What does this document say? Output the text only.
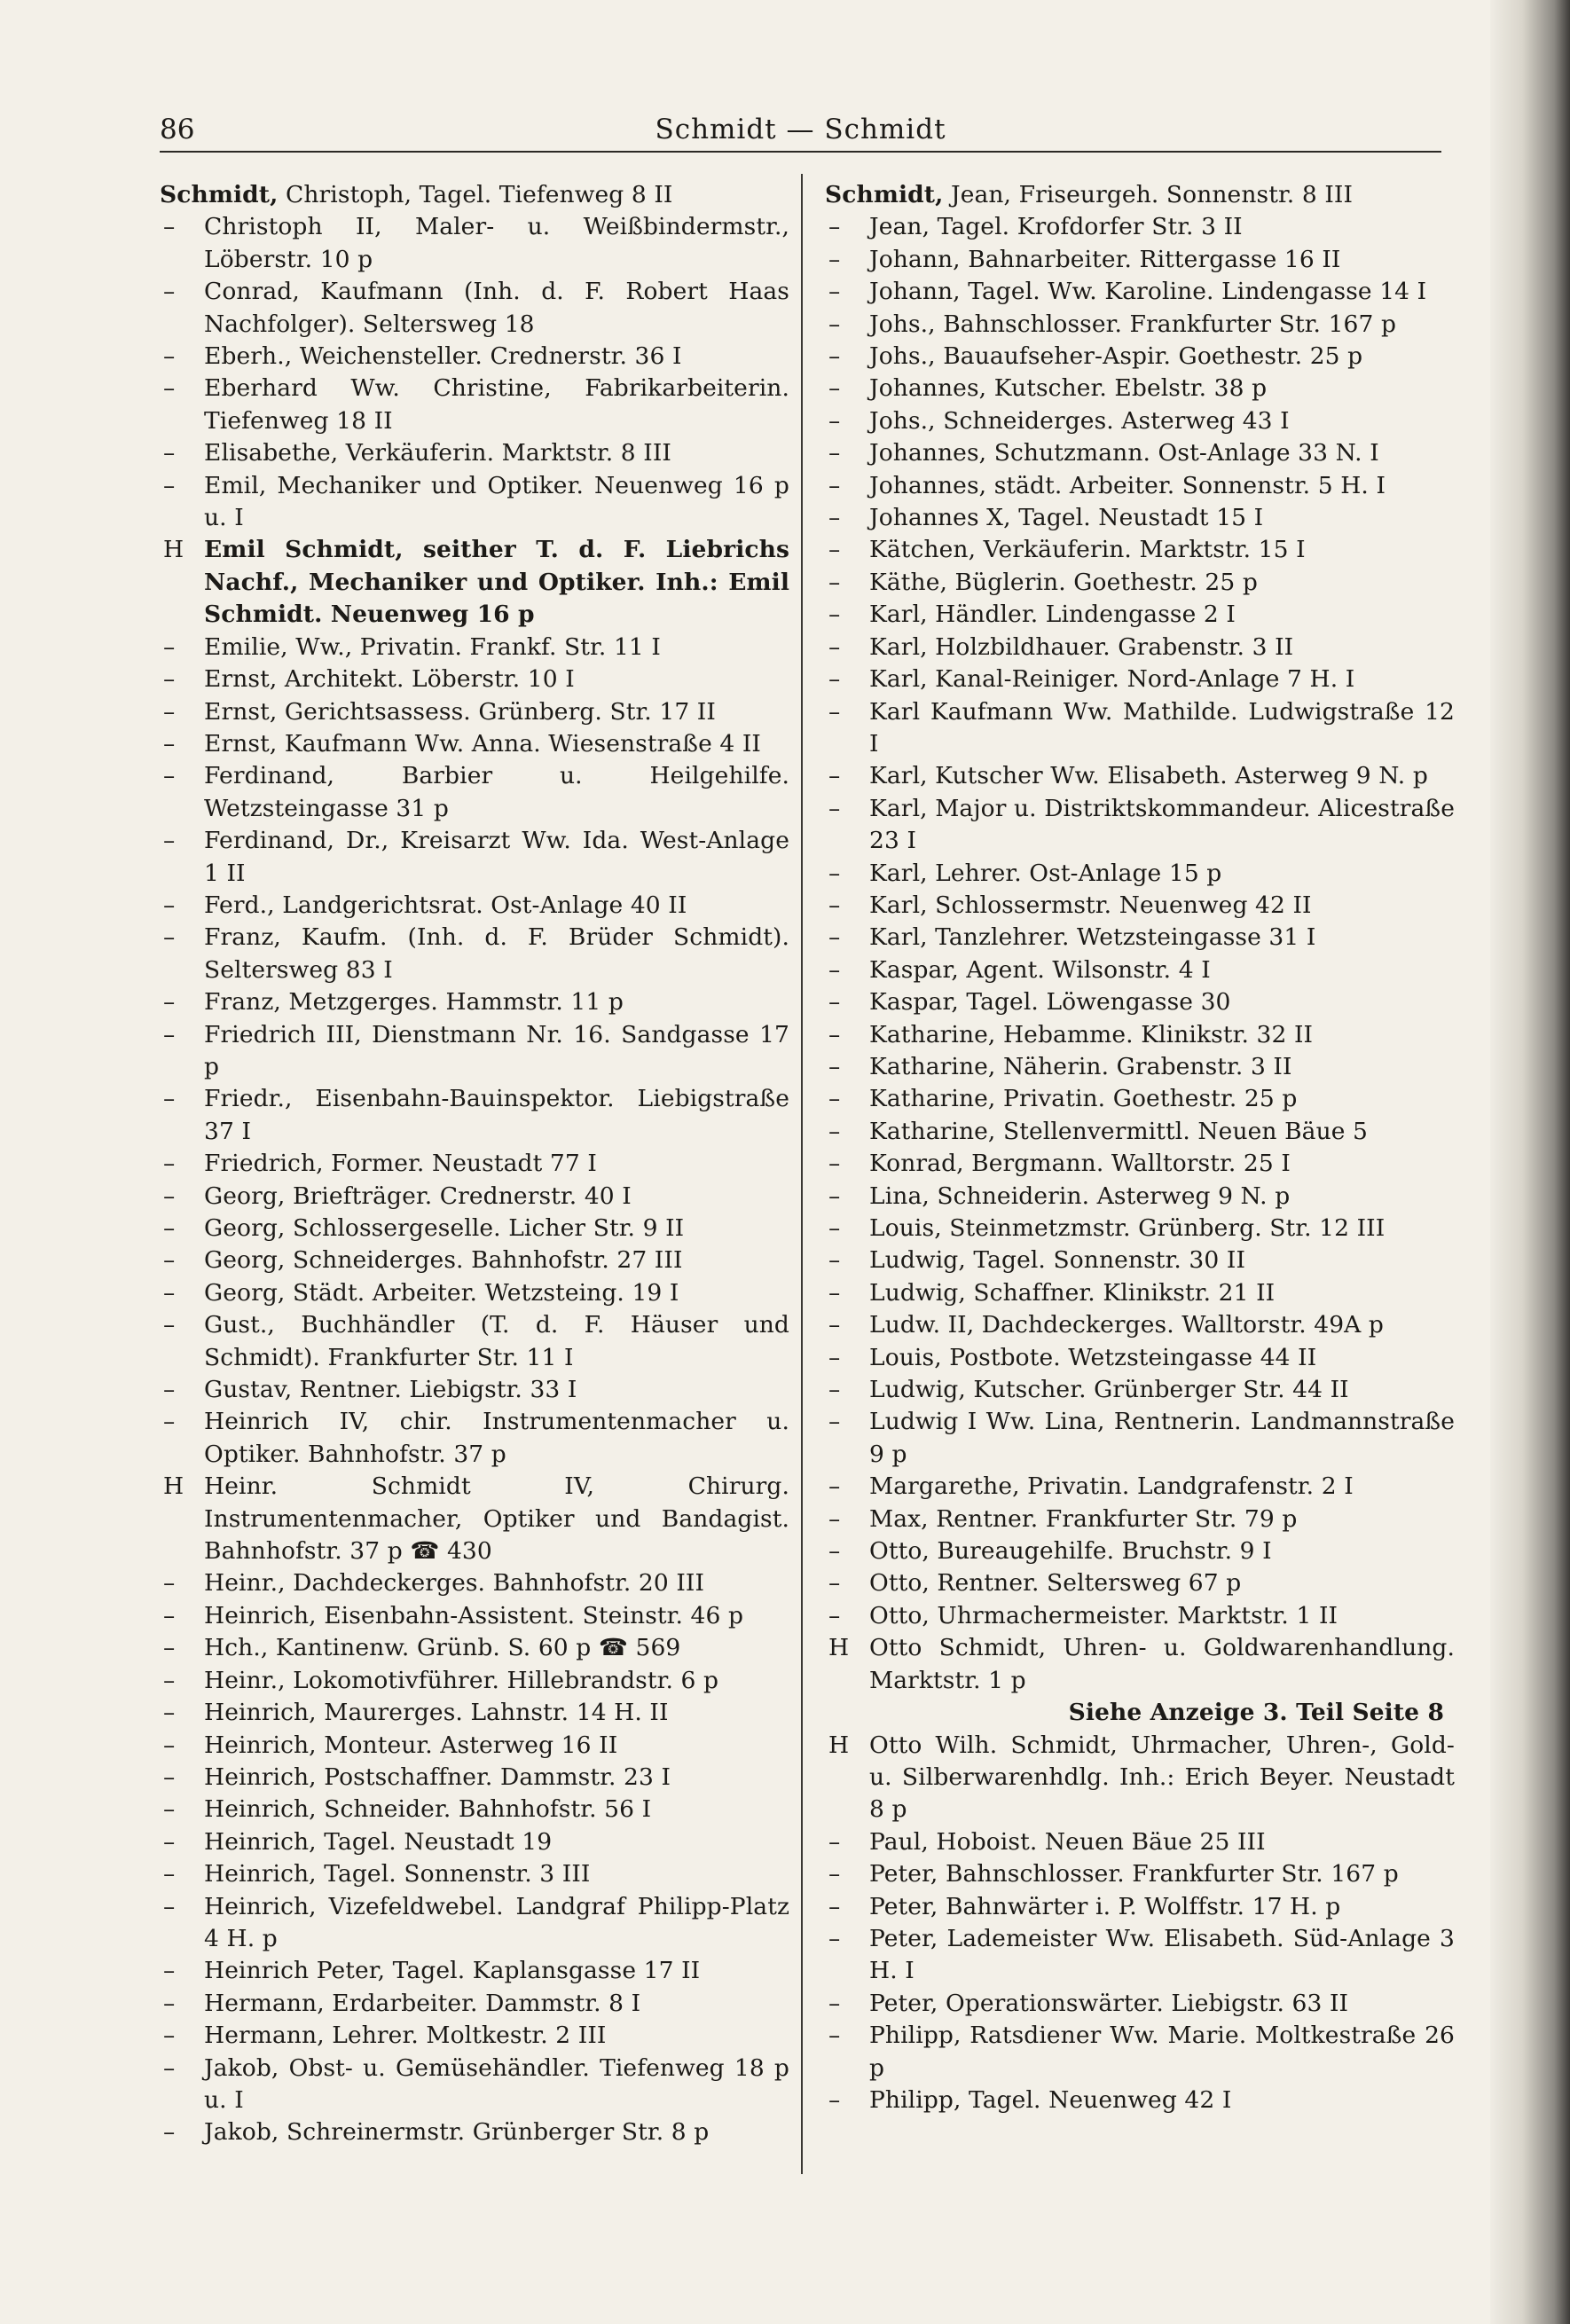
Schmidt — Schmidt
86
Schmidt, Christoph, Tagel. Tiefenweg 8 II
–	Christoph II, Maler- u. Weißbindermstr., Löberstr. 10 p
–	Conrad, Kaufmann (Inh. d. F. Robert Haas Nachfolger). Seltersweg 18
–	Eberh., Weichensteller. Crednerstr. 36 I
–	Eberhard Ww. Christine, Fabrikarbeiterin. Tiefenweg 18 II
–	Elisabethe, Verkäuferin. Marktstr. 8 III
–	Emil, Mechaniker und Optiker. Neuenweg 16 p u. I
H Emil Schmidt, seither T. d. F. Liebrichs Nachf., Mechaniker und Optiker. Inh.: Emil Schmidt. Neuenweg 16 p
–	Emilie, Ww., Privatin. Frankf. Str. 11 I
–	Ernst, Architekt. Löberstr. 10 I
–	Ernst, Gerichtsassess. Grünberg. Str. 17 II
–	Ernst, Kaufmann Ww. Anna. Wiesenstraße 4 II
–	Ferdinand, Barbier u. Heilgehilfe. Wetzsteingasse 31 p
–	Ferdinand, Dr., Kreisarzt Ww. Ida. West-Anlage 1 II
–	Ferd., Landgerichtsrat. Ost-Anlage 40 II
–	Franz, Kaufm. (Inh. d. F. Brüder Schmidt). Seltersweg 83 I
–	Franz, Metzgerges. Hammstr. 11 p
–	Friedrich III, Dienstmann Nr. 16. Sandgasse 17 p
–	Friedr., Eisenbahn-Bauinspektor. Liebigstraße 37 I
–	Friedrich, Former. Neustadt 77 I
–	Georg, Briefträger. Crednerstr. 40 I
–	Georg, Schlossergeselle. Licher Str. 9 II
–	Georg, Schneiderges. Bahnhofstr. 27 III
–	Georg, Städt. Arbeiter. Wetzsteing. 19 I
–	Gust., Buchhändler (T. d. F. Häuser und Schmidt). Frankfurter Str. 11 I
–	Gustav, Rentner. Liebigstr. 33 I
–	Heinrich IV, chir. Instrumentenmacher u. Optiker. Bahnhofstr. 37 p
H Heinr. Schmidt IV, Chirurg. Instrumentenmacher, Optiker und Bandagist. Bahnhofstr. 37 p ☎ 430
–	Heinr., Dachdeckerges. Bahnhofstr. 20 III
–	Heinrich, Eisenbahn-Assistent. Steinstr. 46 p
–	Hch., Kantinenw. Grünb. S. 60 p ☎ 569
–	Heinr., Lokomotivführer. Hillebrandstr. 6 p
–	Heinrich, Maurerges. Lahnstr. 14 H. II
–	Heinrich, Monteur. Asterweg 16 II
–	Heinrich, Postschaffner. Dammstr. 23 I
–	Heinrich, Schneider. Bahnhofstr. 56 I
–	Heinrich, Tagel. Neustadt 19
–	Heinrich, Tagel. Sonnenstr. 3 III
–	Heinrich, Vizefeldwebel. Landgraf Philipp-Platz 4 H. p
–	Heinrich Peter, Tagel. Kaplansgasse 17 II
–	Hermann, Erdarbeiter. Dammstr. 8 I
–	Hermann, Lehrer. Moltkestr. 2 III
–	Jakob, Obst- u. Gemüsehändler. Tiefenweg 18 p u. I
–	Jakob, Schreinermstr. Grünberger Str. 8 p
Schmidt, Jean, Friseurgeh. Sonnenstr. 8 III
–	Jean, Tagel. Krofdorfer Str. 3 II
–	Johann, Bahnarbeiter. Rittergasse 16 II
–	Johann, Tagel. Ww. Karoline. Lindengasse 14 I
–	Johs., Bahnschlosser. Frankfurter Str. 167 p
–	Johs., Bauaufseher-Aspir. Goethestr. 25 p
–	Johannes, Kutscher. Ebelstr. 38 p
–	Johs., Schneiderges. Asterweg 43 I
–	Johannes, Schutzmann. Ost-Anlage 33 N. I
–	Johannes, städt. Arbeiter. Sonnenstr. 5 H. I
–	Johannes X, Tagel. Neustadt 15 I
–	Kätchen, Verkäuferin. Marktstr. 15 I
–	Käthe, Büglerin. Goethestr. 25 p
–	Karl, Händler. Lindengasse 2 I
–	Karl, Holzbildhauer. Grabenstr. 3 II
–	Karl, Kanal-Reiniger. Nord-Anlage 7 H. I
–	Karl Kaufmann Ww. Mathilde. Ludwigstraße 12 I
–	Karl, Kutscher Ww. Elisabeth. Asterweg 9 N. p
–	Karl, Major u. Distriktskommandeur. Alicestraße 23 I
–	Karl, Lehrer. Ost-Anlage 15 p
–	Karl, Schlossermstr. Neuenweg 42 II
–	Karl, Tanzlehrer. Wetzsteingasse 31 I
–	Kaspar, Agent. Wilsonstr. 4 I
–	Kaspar, Tagel. Löwengasse 30
–	Katharine, Hebamme. Klinikstr. 32 II
–	Katharine, Näherin. Grabenstr. 3 II
–	Katharine, Privatin. Goethestr. 25 p
–	Katharine, Stellenvermittl. Neuen Bäue 5
–	Konrad, Bergmann. Walltorstr. 25 I
–	Lina, Schneiderin. Asterweg 9 N. p
–	Louis, Steinmetzmstr. Grünberg. Str. 12 III
–	Ludwig, Tagel. Sonnenstr. 30 II
–	Ludwig, Schaffner. Klinikstr. 21 II
–	Ludw. II, Dachdeckerges. Walltorstr. 49A p
–	Louis, Postbote. Wetzsteingasse 44 II
–	Ludwig, Kutscher. Grünberger Str. 44 II
–	Ludwig I Ww. Lina, Rentnerin. Landmannstraße 9 p
–	Margarethe, Privatin. Landgrafenstr. 2 I
–	Max, Rentner. Frankfurter Str. 79 p
–	Otto, Bureaugehilfe. Bruchstr. 9 I
–	Otto, Rentner. Seltersweg 67 p
–	Otto, Uhrmachermeister. Marktstr. 1 II
H Otto Schmidt, Uhren- u. Goldwarenhandlung. Marktstr. 1 p
Siehe Anzeige 3. Teil Seite 8
H Otto Wilh. Schmidt, Uhrmacher, Uhren-, Gold- u. Silberwarenhdlg. Inh.: Erich Beyer. Neustadt 8 p
–	Paul, Hoboist. Neuen Bäue 25 III
–	Peter, Bahnschlosser. Frankfurter Str. 167 p
–	Peter, Bahnwärter i. P. Wolffstr. 17 H. p
–	Peter, Lademeister Ww. Elisabeth. Süd-Anlage 3 H. I
–	Peter, Operationswärter. Liebigstr. 63 II
–	Philipp, Ratsdiener Ww. Marie. Moltkestraße 26 p
–	Philipp, Tagel. Neuenweg 42 I
